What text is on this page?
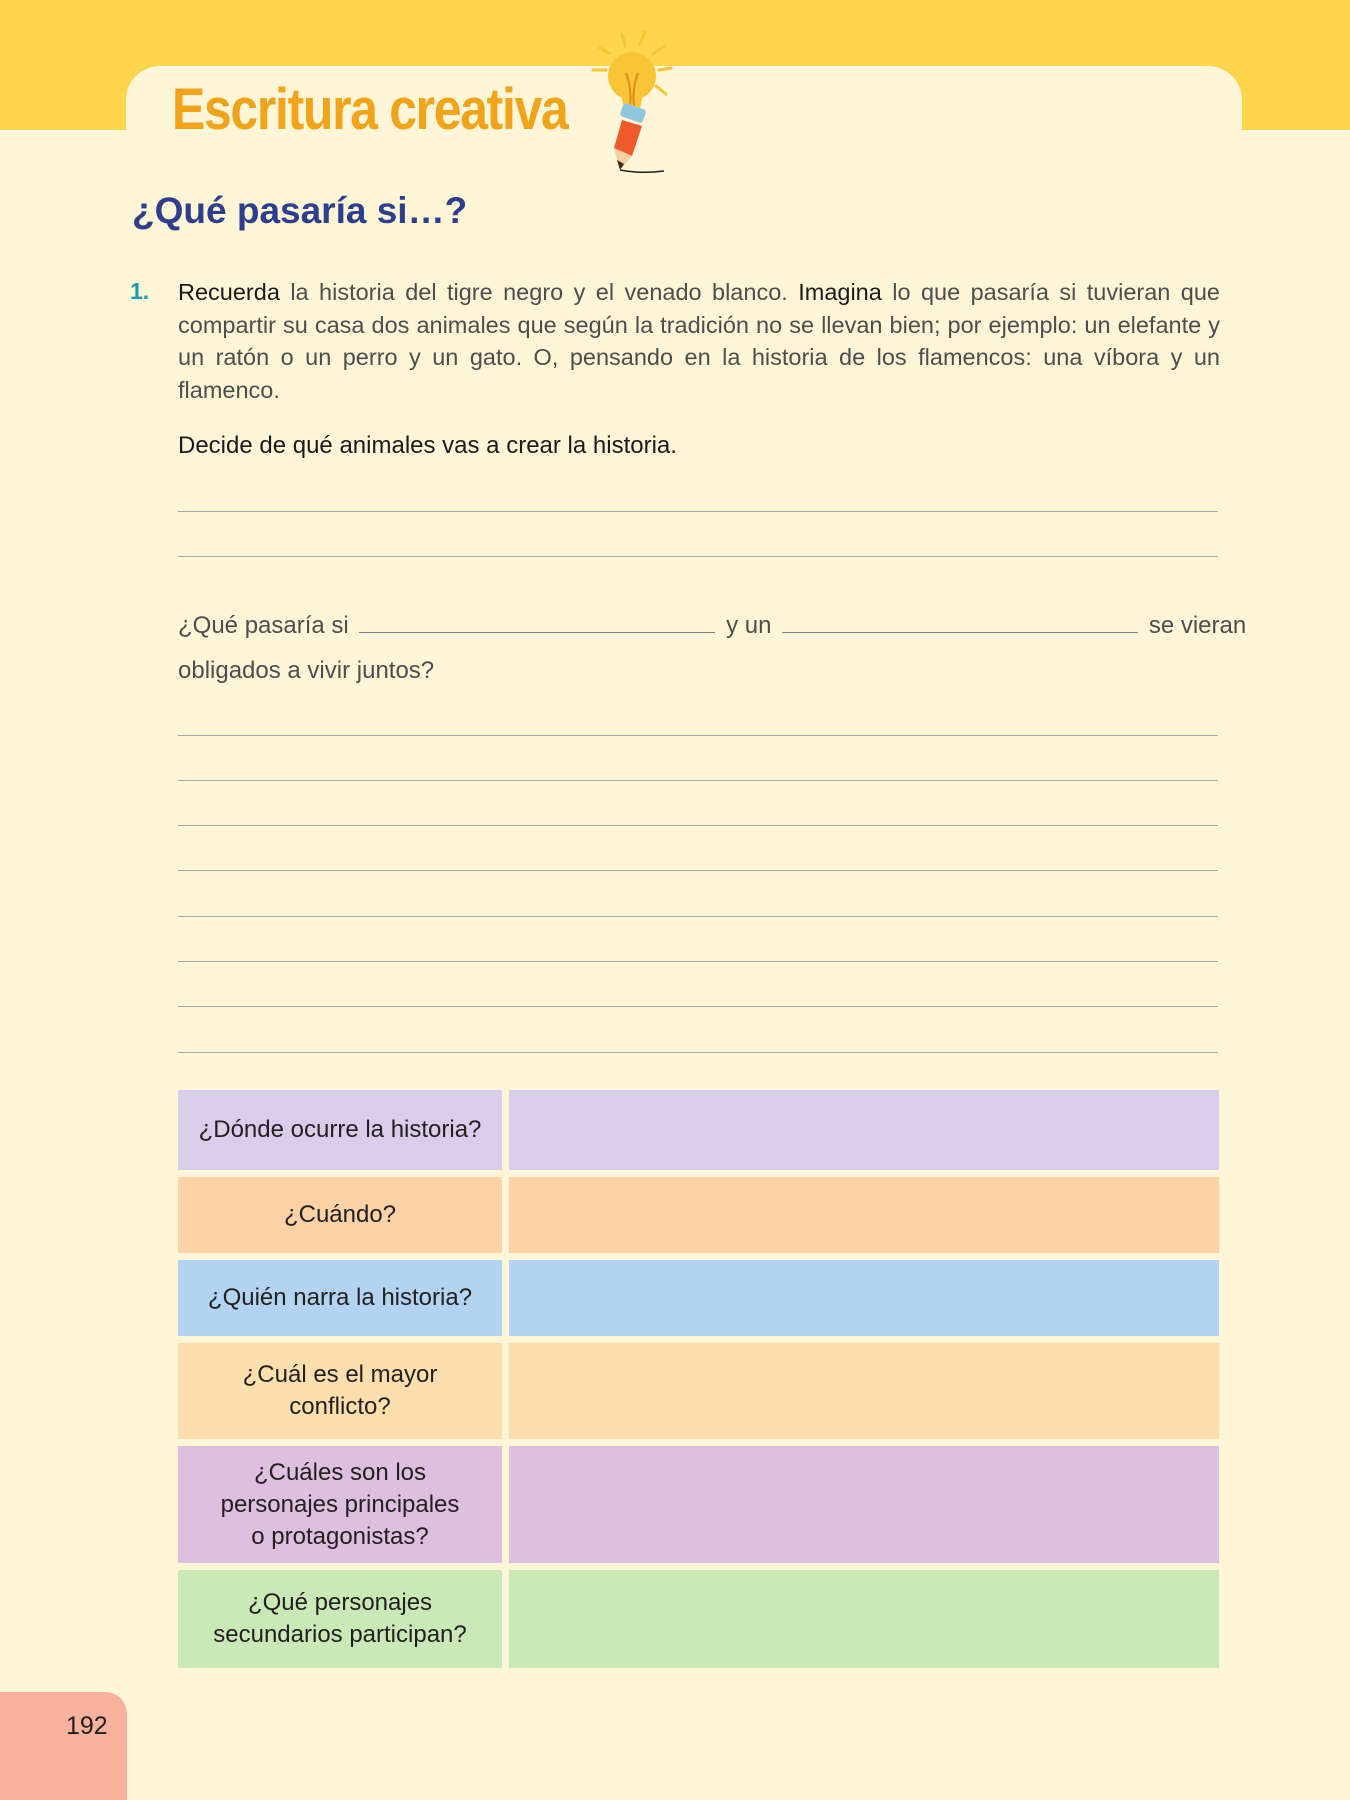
Escritura creativa
¿Qué pasaría si…?
1. Recuerda la historia del tigre negro y el venado blanco. Imagina lo que pasaría si tuvieran que compartir su casa dos animales que según la tradición no se llevan bien; por ejemplo: un elefante y un ratón o un perro y un gato. O, pensando en la historia de los flamencos: una víbora y un flamenco.

Decide de qué animales vas a crear la historia.

¿Qué pasaría si	y un	se vieran
obligados a vivir juntos?
¿Dónde ocurre la historia?
¿Cuándo?
¿Quién narra la historia?
¿Cuál es el mayor
conflicto?
¿Cuáles son los
personajes principales
o protagonistas?
¿Qué personajes
secundarios participan?
192
